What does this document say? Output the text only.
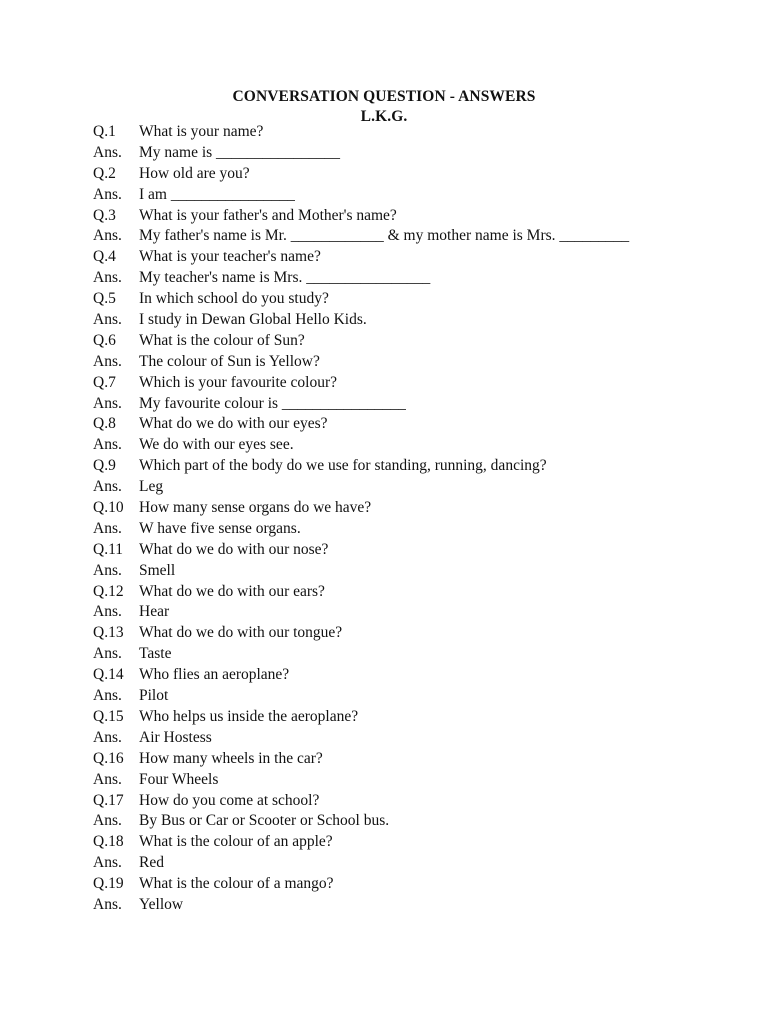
CONVERSATION QUESTION - ANSWERS
L.K.G.
Q.1	What is your name?
Ans.	My name is ________________
Q.2	How old are you?
Ans.	I am ________________
Q.3	What is your father's and Mother's name?
Ans.	My father's name is Mr. ____________ & my mother name is Mrs. _________
Q.4	What is your teacher's name?
Ans.	My teacher's name is Mrs. ________________
Q.5	In which school do you study?
Ans.	I study in Dewan Global Hello Kids.
Q.6	What is the colour of Sun?
Ans.	The colour of Sun is Yellow?
Q.7	Which is your favourite colour?
Ans.	My favourite colour is ________________
Q.8	What do we do with our eyes?
Ans.	We do with our eyes see.
Q.9	Which part of the body do we use for standing, running, dancing?
Ans.	Leg
Q.10 How many sense organs do we have?
Ans.	W have five sense organs.
Q.11	What do we do with our nose?
Ans.	Smell
Q.12 What do we do with our ears?
Ans.	Hear
Q.13 What do we do with our tongue?
Ans.	Taste
Q.14 Who flies an aeroplane?
Ans.	Pilot
Q.15 Who helps us inside the aeroplane?
Ans.	Air Hostess
Q.16 How many wheels in the car?
Ans.	Four Wheels
Q.17 How do you come at school?
Ans.	By Bus or Car or Scooter or School bus.
Q.18 What is the colour of an apple?
Ans.	Red
Q.19 What is the colour of a mango?
Ans.	Yellow
